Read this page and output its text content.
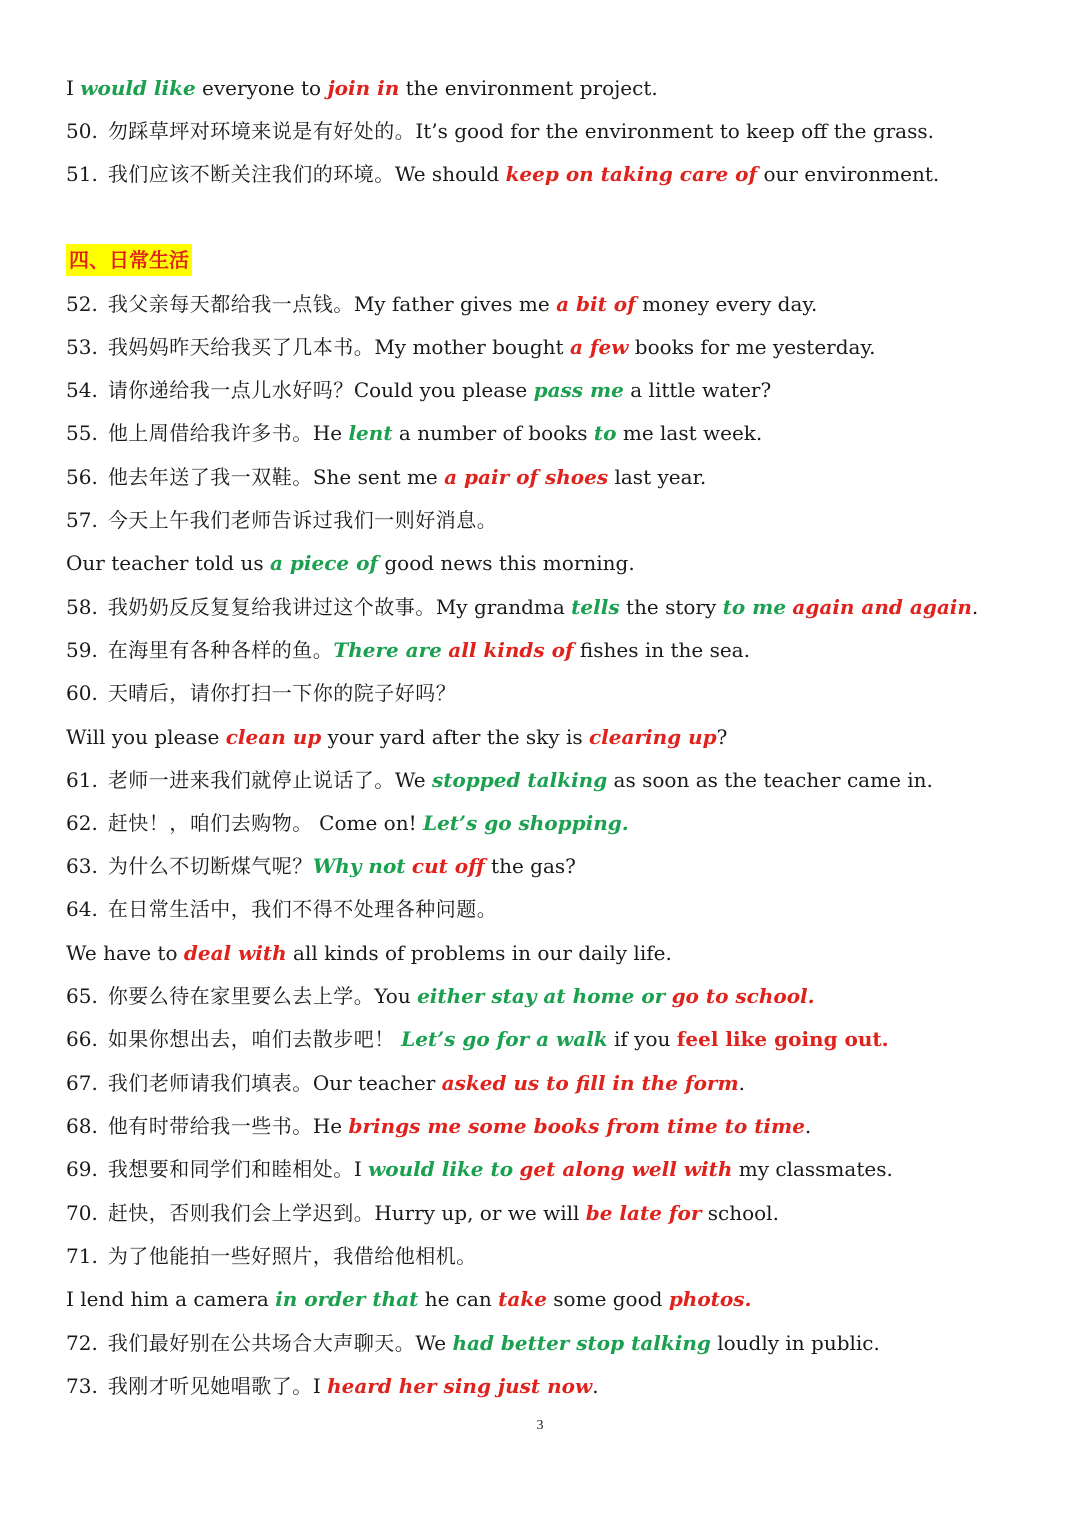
四、日常生活
I would like everyone to join in the environment project.
50. 勿踩草坪对环境来说是有好处的。It’s good for the environment to keep off the grass.
51. 我们应该不断关注我们的环境。We should keep on taking care of our environment.
52. 我父亲每天都给我一点钱。My father gives me a bit of money every day.
53. 我妈妈昨天给我买了几本书。My mother bought a few books for me yesterday.
54. 请你递给我一点儿水好吗？Could you please pass me a little water?
55. 他上周借给我许多书。He lent a number of books to me last week.
56. 他去年送了我一双鞋。She sent me a pair of shoes last year.
57. 今天上午我们老师告诉过我们一则好消息。
Our teacher told us a piece of good news this morning.
58. 我奶奶反反复复给我讲过这个故事。My grandma tells the story to me again and again.
59. 在海里有各种各样的鱼。There are all kinds of fishes in the sea.
60. 天晴后，请你打扫一下你的院子好吗？
Will you please clean up your yard after the sky is clearing up?
61. 老师一进来我们就停止说话了。We stopped talking as soon as the teacher came in.
62. 赶快！，咱们去购物。 Come on! Let’s go shopping.
63. 为什么不切断煤气呢？Why not cut off the gas?
64. 在日常生活中，我们不得不处理各种问题。
We have to deal with all kinds of problems in our daily life.
65. 你要么待在家里要么去上学。You either stay at home or go to school.
66. 如果你想出去，咱们去散步吧！ Let’s go for a walk if you feel like going out.
67. 我们老师请我们填表。Our teacher asked us to fill in the form.
68. 他有时带给我一些书。He brings me some books from time to time.
69. 我想要和同学们和睦相处。I would like to get along well with my classmates.
70. 赶快，否则我们会上学迟到。Hurry up, or we will be late for school.
71. 为了他能拍一些好照片，我借给他相机。
I lend him a camera in order that he can take some good photos.
72. 我们最好别在公共场合大声聊天。We had better stop talking loudly in public.
73. 我刚才听见她唱歌了。I heard her sing just now.
3
